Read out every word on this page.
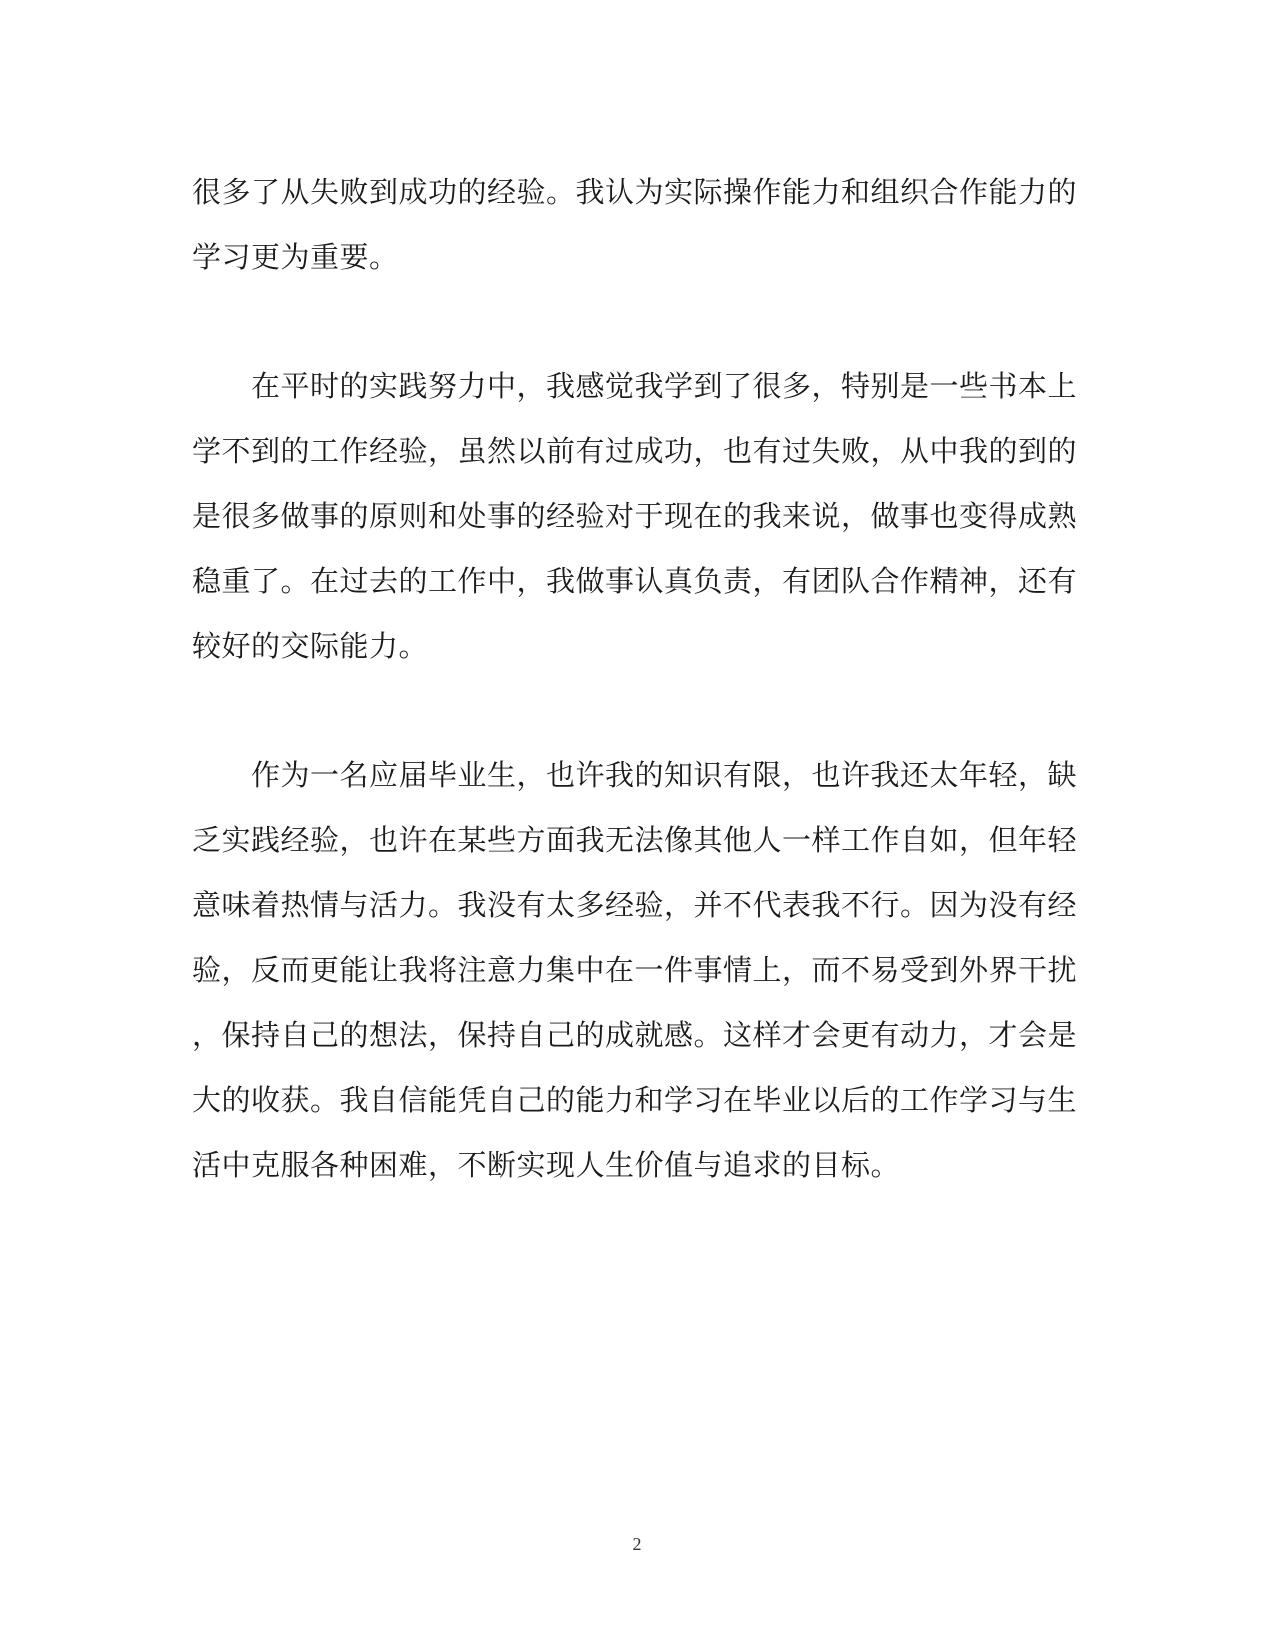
很多了从失败到成功的经验。我认为实际操作能力和组织合作能力的
学习更为重要。
　　在平时的实践努力中，我感觉我学到了很多，特别是一些书本上
学不到的工作经验，虽然以前有过成功，也有过失败，从中我的到的
是很多做事的原则和处事的经验对于现在的我来说，做事也变得成熟
稳重了。在过去的工作中，我做事认真负责，有团队合作精神，还有
较好的交际能力。
　　作为一名应届毕业生，也许我的知识有限，也许我还太年轻，缺
乏实践经验，也许在某些方面我无法像其他人一样工作自如，但年轻
意味着热情与活力。我没有太多经验，并不代表我不行。因为没有经
验，反而更能让我将注意力集中在一件事情上，而不易受到外界干扰
，保持自己的想法，保持自己的成就感。这样才会更有动力，才会是
大的收获。我自信能凭自己的能力和学习在毕业以后的工作学习与生
活中克服各种困难，不断实现人生价值与追求的目标。
2
